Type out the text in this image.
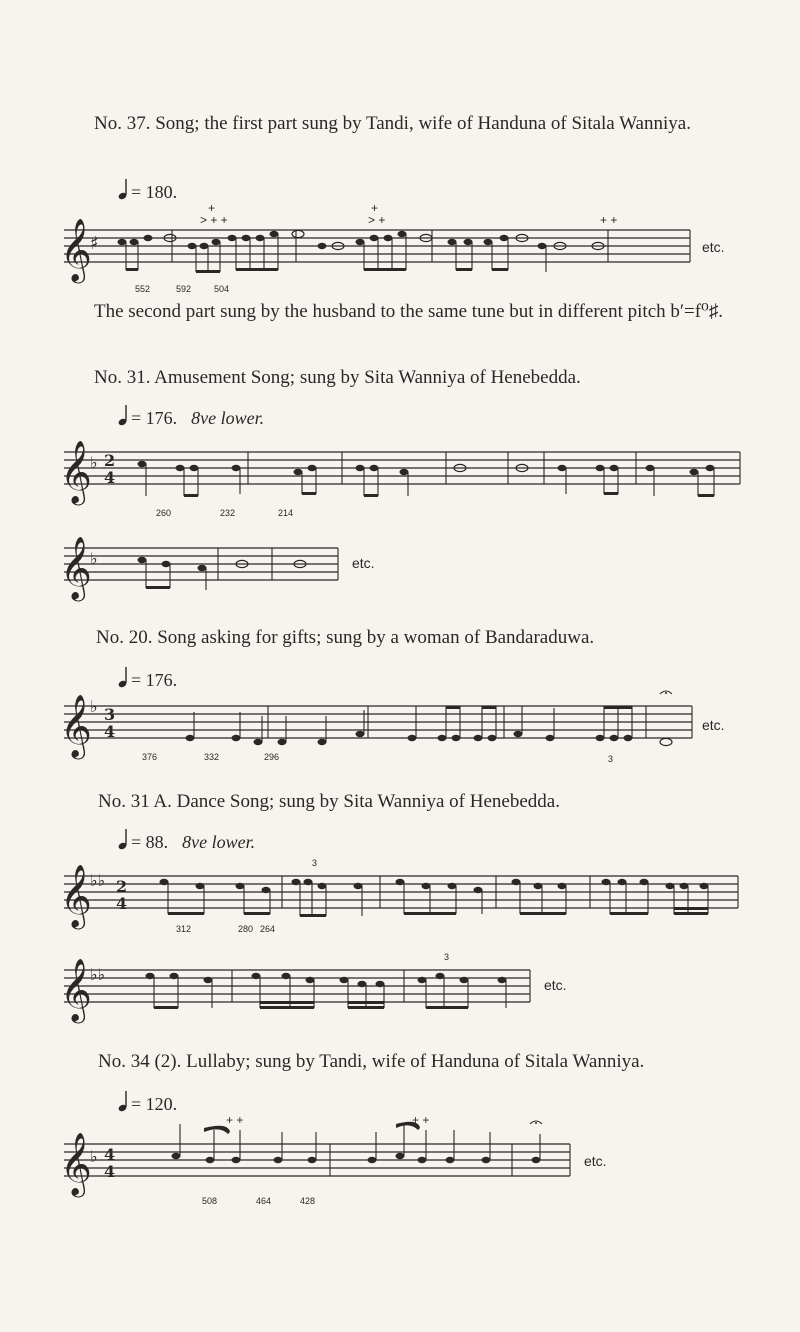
No. 37. Song; the first part sung by Tandi, wife of Handuna of Sitala Wanniya.
= 180.
𝄞
♯
+
> + +
+
> +	+ +
552	592	504
etc.
The second part sung by the husband to the same tune but in different pitch b′=f⁰♯.
No. 31. Amusement Song; sung by Sita Wanniya of Henebedda.
= 176. 8ve lower.
𝄞
♭ 2
4
260	232	214
𝄞
♭	etc.
No. 20. Song asking for gifts; sung by a woman of Bandaraduwa.
= 176.
𝄞
♭ 3
4
376	332	296	3
etc.
No. 31 A. Dance Song; sung by Sita Wanniya of Henebedda.
= 88. 8ve lower.
𝄞
♭♭ 2
4
3
312	280 264
𝄞
♭♭
3
etc.
No. 34 (2). Lullaby; sung by Tandi, wife of Handuna of Sitala Wanniya.
= 120.
𝄞
♭ 4
4
+ +	+ +
508	464	428
etc.
